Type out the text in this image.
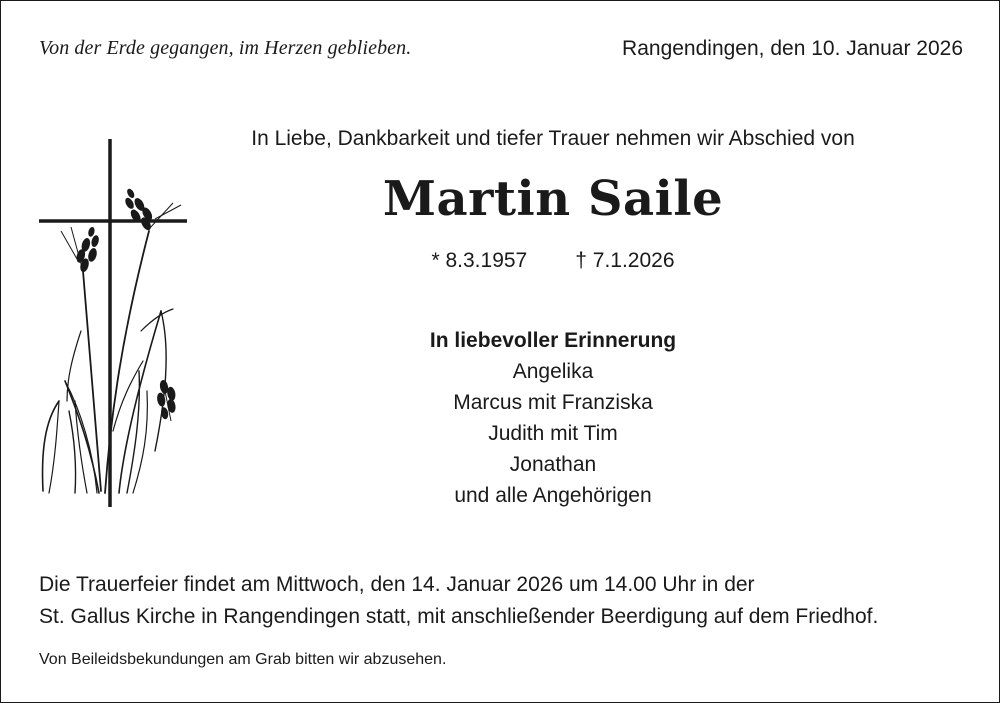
Von der Erde gegangen, im Herzen geblieben.	Rangendingen, den 10. Januar 2026
In Liebe, Dankbarkeit und tiefer Trauer nehmen wir Abschied von
Martin Saile
* 8.3.1957 † 7.1.2026
In liebevoller Erinnerung
Angelika
Marcus mit Franziska
Judith mit Tim
Jonathan
und alle Angehörigen
Die Trauerfeier findet am Mittwoch, den 14. Januar 2026 um 14.00 Uhr in der
St. Gallus Kirche in Rangendingen statt, mit anschließender Beerdigung auf dem Friedhof.
Von Beileidsbekundungen am Grab bitten wir abzusehen.
